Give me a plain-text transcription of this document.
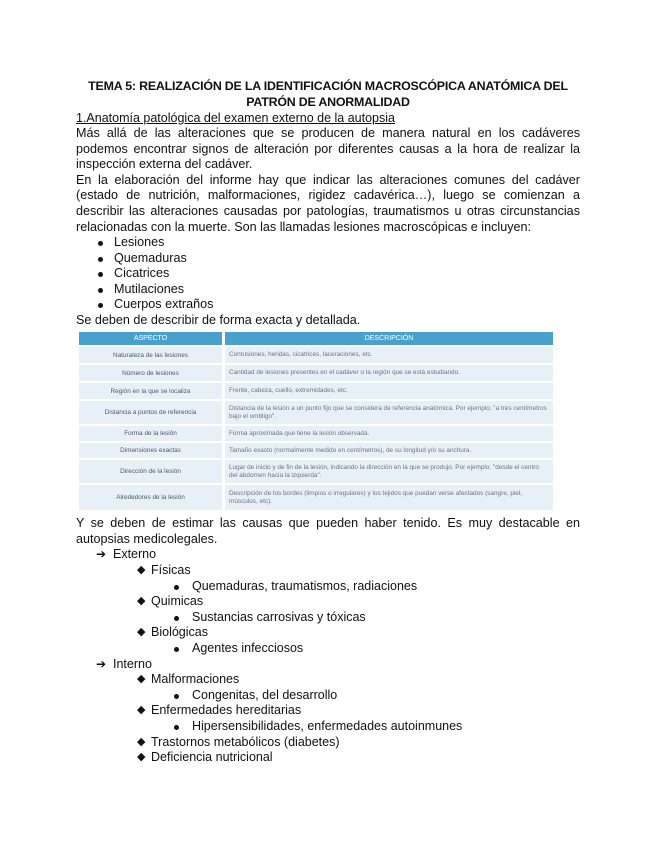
TEMA 5: REALIZACIÓN DE LA IDENTIFICACIÓN MACROSCÓPICA ANATÓMICA DEL PATRÓN DE ANORMALIDAD
1.Anatomía patológica del examen externo de la autopsia

Más allá de las alteraciones que se producen de manera natural en los cadáveres podemos encontrar signos de alteración por diferentes causas a la hora de realizar la inspección externa del cadáver.

En la elaboración del informe hay que indicar las alteraciones comunes del cadáver (estado de nutrición, malformaciones, rigidez cadavérica…), luego se comienzan a describir las alteraciones causadas por patologías, traumatismos u otras circunstancias relacionadas con la muerte. Son las llamadas lesiones macroscópicas e incluyen:

Lesiones
Quemaduras
Cicatrices
Mutilaciones
Cuerpos extraños

Se deben de describir de forma exacta y detallada.

ASPECTO	DESCRIPCIÓN
Naturaleza de las lesiones	Contusiones, heridas, cicatrices, laceraciones, etc.
Número de lesiones	Cantidad de lesiones presentes en el cadáver o la región que se está estudiando.
Región en la que se localiza	Frente, cabeza, cuello, extremidades, etc.
Distancia a puntos de referencia	Distancia de la lesión a un punto fijo que se considera de referencia anatómica. Por ejemplo: "a tres centímetros bajo el ombligo".
Forma de la lesión	Forma aproximada que tiene la lesión observada.
Dimensiones exactas	Tamaño exacto (normalmente medido en centímetros), de su longitud y/o su anchura.
Dirección de la lesión	Lugar de inicio y de fin de la lesión, indicando la dirección en la que se produjo. Por ejemplo: "desde el centro del abdomen hacia la izquierda".
Alrededores de la lesión	Descripción de los bordes (limpios o irregulares) y los tejidos que puedan verse afectados (sangre, piel, músculos, etc).

Y se deben de estimar las causas que pueden haber tenido. Es muy destacable en autopsias medicolegales.

➔ Externo
◆ Físicas
Quemaduras, traumatismos, radiaciones
◆ Quimicas
Sustancias carrosivas y tóxicas
◆ Biológicas
Agentes infecciosos
➔ Interno
◆ Malformaciones
Congenitas, del desarrollo
◆ Enfermedades hereditarias
Hipersensibilidades, enfermedades autoinmunes
◆ Trastornos metabólicos (diabetes)
◆ Deficiencia nutricional
